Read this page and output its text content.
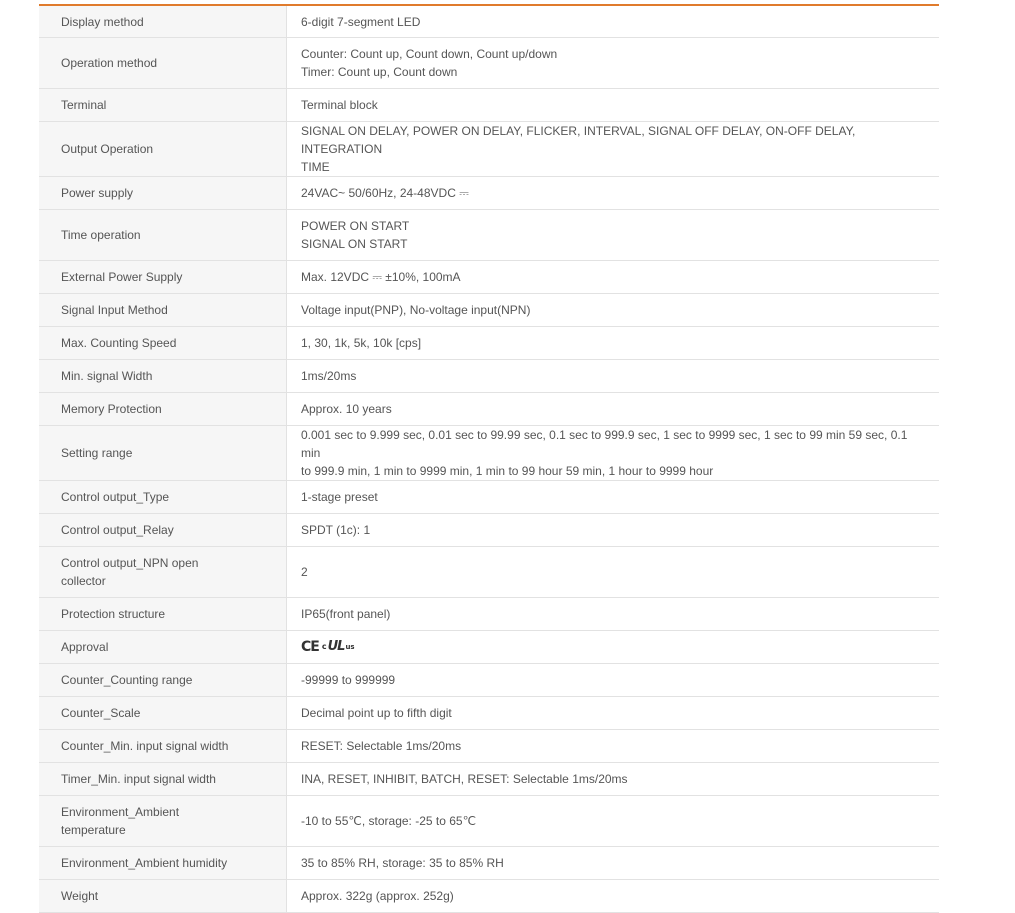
Display method	6-digit 7-segment LED
Operation method	Counter: Count up, Count down, Count up/down
Timer: Count up, Count down

Terminal	Terminal block
Output Operation	SIGNAL ON DELAY, POWER ON DELAY, FLICKER, INTERVAL, SIGNAL OFF DELAY, ON-OFF DELAY, INTEGRATION
TIME

Power supply	24VAC~ 50/60Hz, 24-48VDC ⎓
Time operation	POWER ON START
SIGNAL ON START

External Power Supply	Max. 12VDC ⎓ ±10%, 100mA
Signal Input Method	Voltage input(PNP), No-voltage input(NPN)
Max. Counting Speed	1, 30, 1k, 5k, 10k [cps]
Min. signal Width	1ms/20ms
Memory Protection	Approx. 10 years
Setting range	0.001 sec to 9.999 sec, 0.01 sec to 99.99 sec, 0.1 sec to 999.9 sec, 1 sec to 9999 sec, 1 sec to 99 min 59 sec, 0.1 min
to 999.9 min, 1 min to 9999 min, 1 min to 99 hour 59 min, 1 hour to 9999 hour

Control output_Type	1-stage preset
Control output_Relay	SPDT (1c): 1

Control output_NPN open
collector	2
Protection structure	IP65(front panel)
Approval	CE c UL us

Counter_Counting range	-99999 to 999999
Counter_Scale	Decimal point up to fifth digit
Counter_Min. input signal width	RESET: Selectable 1ms/20ms
Timer_Min. input signal width	INA, RESET, INHIBIT, BATCH, RESET: Selectable 1ms/20ms

Environment_Ambient
temperature	-10 to 55℃, storage: -25 to 65℃
Environment_Ambient humidity	35 to 85% RH, storage: 35 to 85% RH
Weight	Approx. 322g (approx. 252g)
